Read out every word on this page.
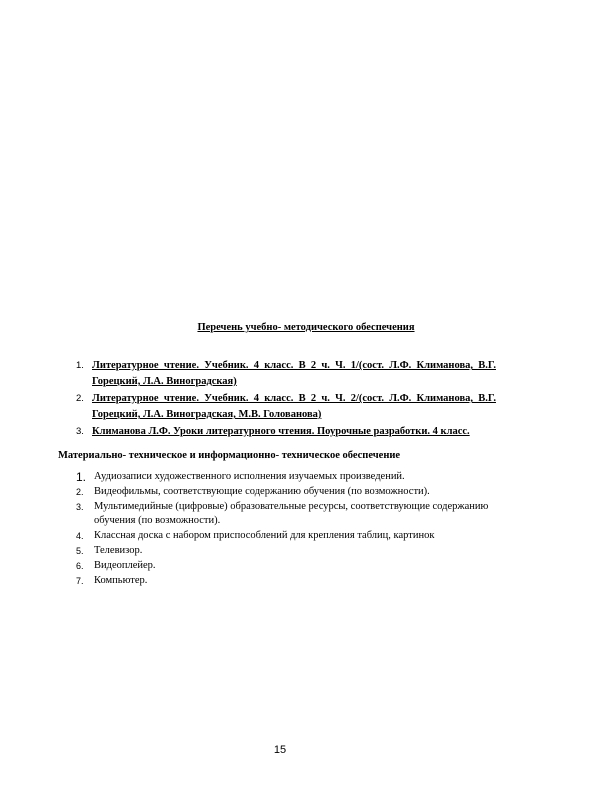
Перечень учебно- методического обеспечения
1. Литературное чтение. Учебник. 4 класс. В 2 ч. Ч. 1/(сост. Л.Ф. Климанова, В.Г. Горецкий, Л.А. Виноградская)
2. Литературное чтение. Учебник. 4 класс. В 2 ч. Ч. 2/(сост. Л.Ф. Климанова, В.Г. Горецкий, Л.А. Виноградская, М.В. Голованова)
3. Климанова Л.Ф. Уроки литературного чтения. Поурочные разработки. 4 класс.
Материально- техническое и информационно- техническое обеспечение
1. Аудиозаписи художественного исполнения изучаемых произведений.
2. Видеофильмы, соответствующие содержанию обучения (по возможности).
3. Мультимедийные (цифровые) образовательные ресурсы, соответствующие содержанию обучения (по возможности).
4. Классная доска с набором приспособлений для крепления таблиц, картинок
5. Телевизор.
6. Видеоплейер.
7. Компьютер.
15
